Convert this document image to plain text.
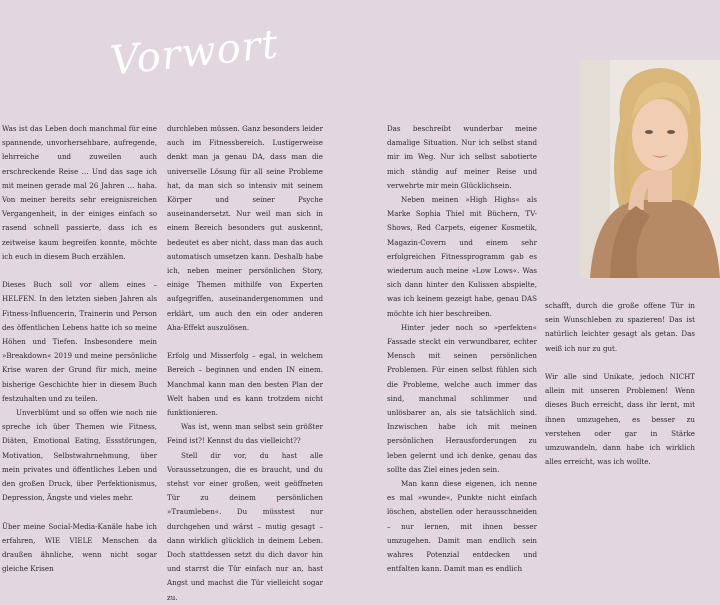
Vorwort

Was ist das Leben doch manchmal für eine spannende, unvorhersehbare, aufregende, lehrreiche und zuweilen auch erschreckende Reise … Und das sage ich mit meinen gerade mal 26 Jahren … haha. Von meiner bereits sehr ereignisreichen Vergangenheit, in der einiges einfach so rasend schnell passierte, dass ich es zeitweise kaum begreifen konnte, möchte ich euch in diesem Buch erzählen.

Dieses Buch soll vor allem eines – HELFEN. In den letzten sieben Jahren als Fitness-Influencerin, Trainerin und Person des öffentlichen Lebens hatte ich so meine Höhen und Tiefen. Insbesondere mein »Breakdown« 2019 und meine persönliche Krise waren der Grund für mich, meine bisherige Geschichte hier in diesem Buch festzuhalten und zu teilen.

Unverblümt und so offen wie noch nie spreche ich über Themen wie Fitness, Diäten, Emotional Eating, Essstörungen, Motivation, Selbstwahrnehmung, über mein privates und öffentliches Leben und den großen Druck, über Perfektionismus, Depression, Ängste und vieles mehr.

Über meine Social-Media-Kanäle habe ich erfahren, WIE VIELE Menschen da draußen ähnliche, wenn nicht sogar gleiche Krisen

durchleben müssen. Ganz besonders leider auch im Fitnessbereich. Lustigerweise denkt man ja genau DA, dass man die universelle Lösung für all seine Probleme hat, da man sich so intensiv mit seinem Körper und seiner Psyche auseinandersetzt. Nur weil man sich in einem Bereich besonders gut auskennt, bedeutet es aber nicht, dass man das auch automatisch umsetzen kann. Deshalb habe ich, neben meiner persönlichen Story, einige Themen mithilfe von Experten aufgegriffen, auseinandergenommen und erklärt, um auch den ein oder anderen Aha-Effekt auszulösen.

Erfolg und Misserfolg – egal, in welchem Bereich – beginnen und enden IN einem. Manchmal kann man den besten Plan der Welt haben und es kann trotzdem nicht funktionieren.

Was ist, wenn man selbst sein größter Feind ist?! Kennst du das vielleicht??

Stell dir vor, du hast alle Voraussetzungen, die es braucht, und du stehst vor einer großen, weit geöffneten Tür zu deinem persönlichen »Traumleben«. Du müsstest nur durchgehen und wärst – mutig gesagt – dann wirklich glücklich in deinem Leben. Doch stattdessen setzt du dich davor hin und starrst die Tür einfach nur an, hast Angst und machst die Tür vielleicht sogar zu.

Das beschreibt wunderbar meine damalige Situation. Nur ich selbst stand mir im Weg. Nur ich selbst sabotierte mich ständig auf meiner Reise und verwehrte mir mein Glücklichsein.

Neben meinen »High Highs« als Marke Sophia Thiel mit Büchern, TV-Shows, Red Carpets, eigener Kosmetik, Magazin-Covern und einem sehr erfolgreichen Fitnessprogramm gab es wiederum auch meine »Low Lows«. Was sich dann hinter den Kulissen abspielte, was ich keinem gezeigt habe, genau DAS möchte ich hier beschreiben.

Hinter jeder noch so »perfekten« Fassade steckt ein verwundbarer, echter Mensch mit seinen persönlichen Problemen. Für einen selbst fühlen sich die Probleme, welche auch immer das sind, manchmal schlimmer und unlösbarer an, als sie tatsächlich sind. Inzwischen habe ich mit meinen persönlichen Herausforderungen zu leben gelernt und ich denke, genau das sollte das Ziel eines jeden sein.

Man kann diese eigenen, ich nenne es mal »wunde«, Punkte nicht einfach löschen, abstellen oder herausschneiden – nur lernen, mit ihnen besser umzugehen. Damit man endlich sein wahres Potenzial entdecken und entfalten kann. Damit man es endlich

schafft, durch die große offene Tür in sein Wunschleben zu spazieren! Das ist natürlich leichter gesagt als getan. Das weiß ich nur zu gut.

Wir alle sind Unikate, jedoch NICHT allein mit unseren Problemen! Wenn dieses Buch erreicht, dass ihr lernt, mit ihnen umzugehen, es besser zu verstehen oder gar in Stärke umzuwandeln, dann habe ich wirklich alles erreicht, was ich wollte.
